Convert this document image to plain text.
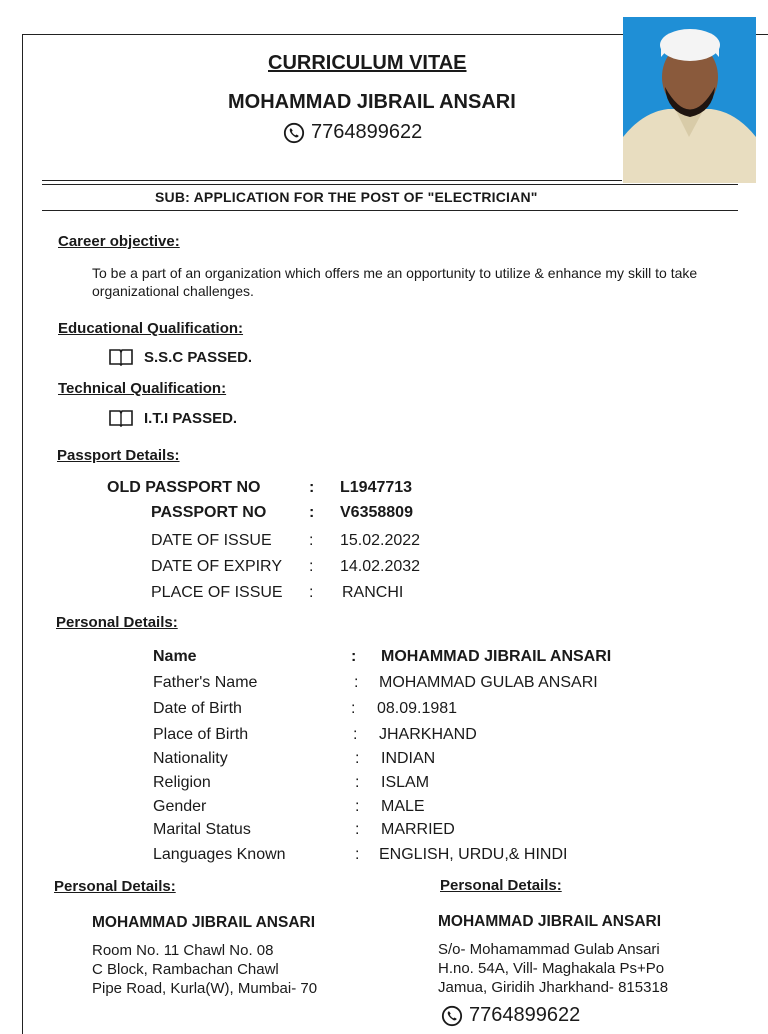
CURRICULUM VITAE
MOHAMMAD JIBRAIL ANSARI
7764899622
SUB: APPLICATION FOR THE POST OF "ELECTRICIAN"
Career objective:
To be a part of an organization which offers me an opportunity to utilize & enhance my skill to take organizational challenges.
Educational Qualification:
S.S.C PASSED.
Technical Qualification:
I.T.I PASSED.
Passport Details:
OLD PASSPORT NO	: L1947713
PASSPORT NO	: V6358809
DATE OF ISSUE : 15.02.2022
DATE OF EXPIRY : 14.02.2032
PLACE OF ISSUE : RANCHI
Personal Details:
Name	: MOHAMMAD JIBRAIL ANSARI
Father's Name	: MOHAMMAD GULAB ANSARI
Date of Birth	: 08.09.1981
Place of Birth	: JHARKHAND
Nationality	: INDIAN
Religion	: ISLAM
Gender	: MALE
Marital Status	: MARRIED
Languages Known	: ENGLISH, URDU,& HINDI
Personal Details:
MOHAMMAD JIBRAIL ANSARI
Room No. 11 Chawl No. 08
C Block, Rambachan Chawl
Pipe Road, Kurla(W), Mumbai- 70
Personal Details:
MOHAMMAD JIBRAIL ANSARI
S/o- Mohamammad Gulab Ansari
H.no. 54A, Vill- Maghakala Ps+Po
Jamua, Giridih Jharkhand- 815318
7764899622
